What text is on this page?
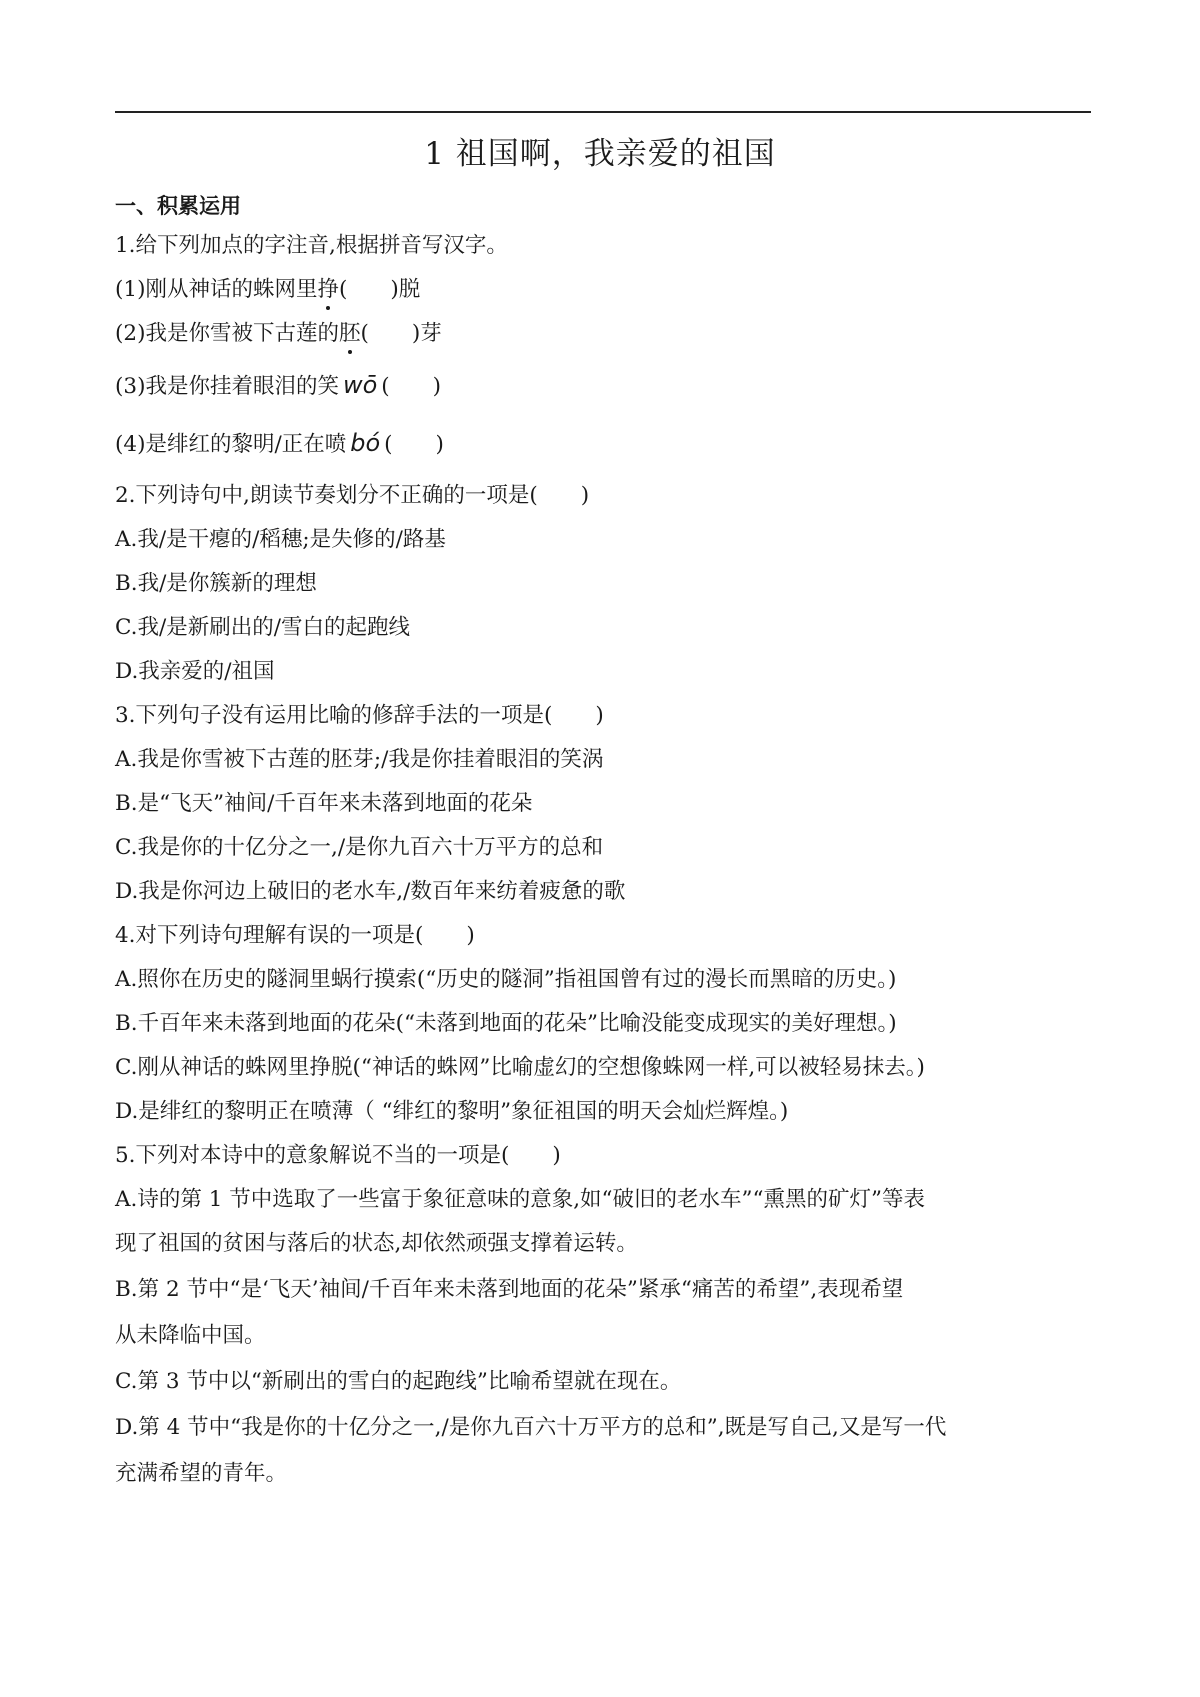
1 祖国啊，我亲爱的祖国
一、积累运用
1.给下列加点的字注音,根据拼音写汉字。
(1)刚从神话的蛛网里挣(　　)脱
(2)我是你雪被下古莲的胚(　　)芽
(3)我是你挂着眼泪的笑 wō (　　)
(4)是绯红的黎明/正在喷 bó (　　)
2.下列诗句中,朗读节奏划分不正确的一项是(　　)
A.我/是干瘪的/稻穗;是失修的/路基
B.我/是你簇新的理想
C.我/是新刷出的/雪白的起跑线
D.我亲爱的/祖国
3.下列句子没有运用比喻的修辞手法的一项是(　　)
A.我是你雪被下古莲的胚芽;/我是你挂着眼泪的笑涡
B.是“飞天”袖间/千百年来未落到地面的花朵
C.我是你的十亿分之一,/是你九百六十万平方的总和
D.我是你河边上破旧的老水车,/数百年来纺着疲惫的歌
4.对下列诗句理解有误的一项是(　　)
A.照你在历史的隧洞里蜗行摸索(“历史的隧洞”指祖国曾有过的漫长而黑暗的历史。)
B.千百年来未落到地面的花朵(“未落到地面的花朵”比喻没能变成现实的美好理想。)
C.刚从神话的蛛网里挣脱(“神话的蛛网”比喻虚幻的空想像蛛网一样,可以被轻易抹去。)
D.是绯红的黎明正在喷薄（ “绯红的黎明”象征祖国的明天会灿烂辉煌。)
5.下列对本诗中的意象解说不当的一项是(　　)
A.诗的第 1 节中选取了一些富于象征意味的意象,如“破旧的老水车”“熏黑的矿灯”等表
现了祖国的贫困与落后的状态,却依然顽强支撑着运转。
B.第 2 节中“是‘飞天’袖间/千百年来未落到地面的花朵”紧承“痛苦的希望”,表现希望
从未降临中国。
C.第 3 节中以“新刷出的雪白的起跑线”比喻希望就在现在。
D.第 4 节中“我是你的十亿分之一,/是你九百六十万平方的总和”,既是写自己,又是写一代
充满希望的青年。
